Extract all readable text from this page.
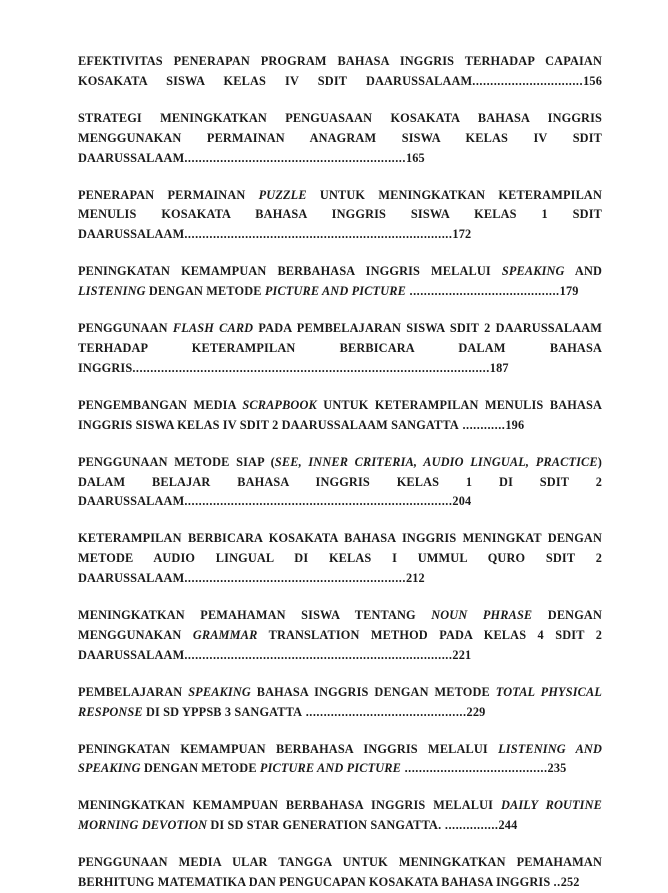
EFEKTIVITAS PENERAPAN PROGRAM BAHASA INGGRIS TERHADAP CAPAIAN KOSAKATA SISWA KELAS IV SDIT DAARUSSALAAM...............................156
STRATEGI MENINGKATKAN PENGUASAAN KOSAKATA BAHASA INGGRIS MENGGUNAKAN PERMAINAN ANAGRAM SISWA KELAS IV SDIT DAARUSSALAAM..............................................................165
PENERAPAN PERMAINAN PUZZLE UNTUK MENINGKATKAN KETERAMPILAN MENULIS KOSAKATA BAHASA INGGRIS SISWA KELAS 1 SDIT DAARUSSALAAM...........................................................................172
PENINGKATAN KEMAMPUAN BERBAHASA INGGRIS MELALUI SPEAKING AND LISTENING DENGAN METODE PICTURE AND PICTURE ..........................................179
PENGGUNAAN FLASH CARD PADA PEMBELAJARAN SISWA SDIT 2 DAARUSSALAAM TERHADAP KETERAMPILAN BERBICARA DALAM BAHASA INGGRIS....................................................................................................187
PENGEMBANGAN MEDIA SCRAPBOOK UNTUK KETERAMPILAN MENULIS BAHASA INGGRIS SISWA KELAS IV SDIT 2 DAARUSSALAAM SANGATTA ............196
PENGGUNAAN METODE SIAP (SEE, INNER CRITERIA, AUDIO LINGUAL, PRACTICE) DALAM BELAJAR BAHASA INGGRIS KELAS 1 DI SDIT 2 DAARUSSALAAM...........................................................................204
KETERAMPILAN BERBICARA KOSAKATA BAHASA INGGRIS MENINGKAT DENGAN METODE AUDIO LINGUAL DI KELAS I UMMUL QURO SDIT 2 DAARUSSALAAM..............................................................212
MENINGKATKAN PEMAHAMAN SISWA TENTANG NOUN PHRASE DENGAN MENGGUNAKAN GRAMMAR TRANSLATION METHOD PADA KELAS 4 SDIT 2 DAARUSSALAAM...........................................................................221
PEMBELAJARAN SPEAKING BAHASA INGGRIS DENGAN METODE TOTAL PHYSICAL RESPONSE DI SD YPPSB 3 SANGATTA .............................................229
PENINGKATAN KEMAMPUAN BERBAHASA INGGRIS MELALUI LISTENING AND SPEAKING DENGAN METODE PICTURE AND PICTURE ........................................235
MENINGKATKAN KEMAMPUAN BERBAHASA INGGRIS MELALUI DAILY ROUTINE MORNING DEVOTION DI SD STAR GENERATION SANGATTA. ...............244
PENGGUNAAN MEDIA ULAR TANGGA UNTUK MENINGKATKAN PEMAHAMAN BERHITUNG MATEMATIKA DAN PENGUCAPAN KOSAKATA BAHASA INGGRIS ..252
